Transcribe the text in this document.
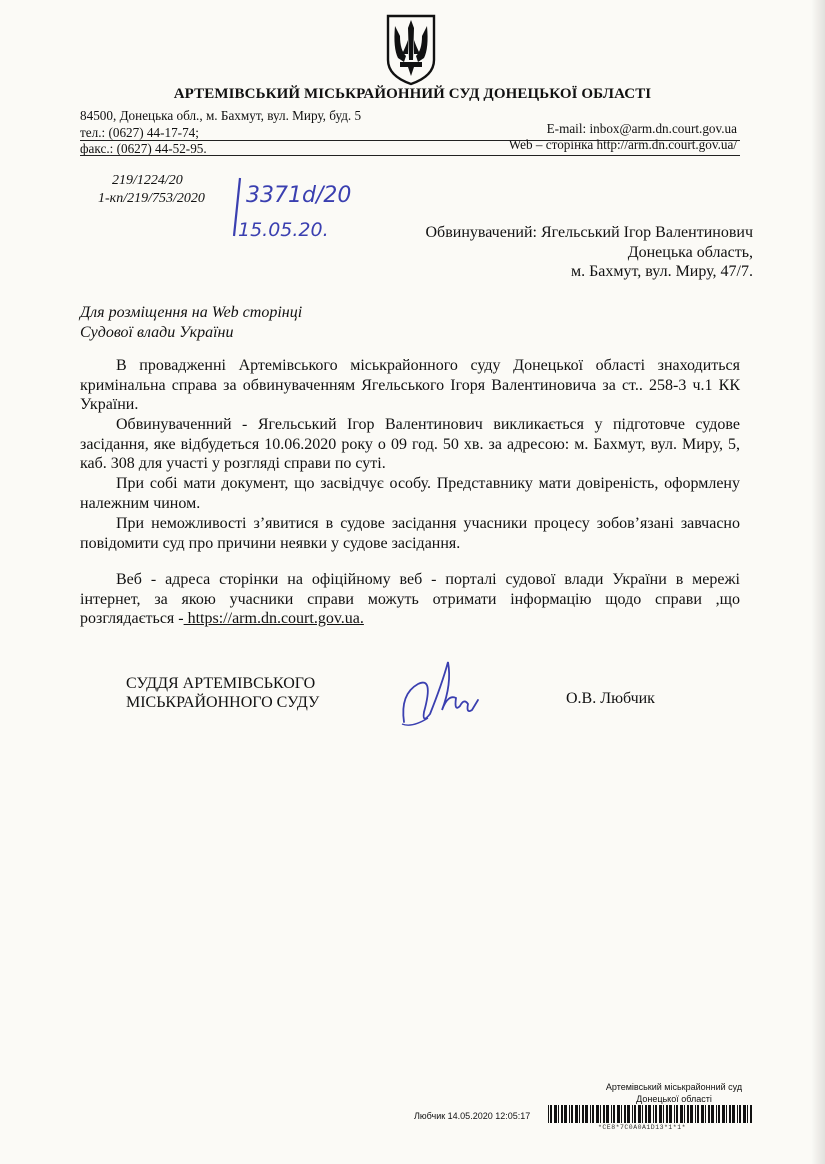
АРТЕМІВСЬКИЙ МІСЬКРАЙОННИЙ СУД ДОНЕЦЬКОЇ ОБЛАСТІ
84500, Донецька обл., м. Бахмут, вул. Миру, буд. 5
тел.: (0627) 44-17-74;
факс.: (0627) 44-52-95.
E-mail: inbox@arm.dn.court.gov.ua
Web – сторінка http://arm.dn.court.gov.ua/
219/1224/20
1-кп/219/753/2020 3371d/20
15.05.20.	Обвинувачений: Ягельський Ігор Валентинович
Донецька область,
м. Бахмут, вул. Миру, 47/7.
Для розміщення на Web сторінці
Судової влади України

В провадженні Артемівського міськрайонного суду Донецької області знаходиться кримінальна справа за обвинуваченням Ягельського Ігоря Валентиновича за ст.. 258-3 ч.1 КК України.

Обвинуваченний - Ягельський Ігор Валентинович викликається у підготовче судове засідання, яке відбудеться 10.06.2020 року о 09 год. 50 хв. за адресою: м. Бахмут, вул. Миру, 5, каб. 308 для участі у розгляді справи по суті.

При собі мати документ, що засвідчує особу. Представнику мати довіреність, оформлену належним чином.

При неможливості з’явитися в судове засідання учасники процесу зобов’язані завчасно повідомити суд про причини неявки у судове засідання.

Веб - адреса сторінки на офіційному веб - порталі судової влади України в мережі інтернет, за якою учасники справи можуть отримати інформацію щодо справи ,що розглядається - https://arm.dn.court.gov.ua.

СУДДЯ АРТЕМІВСЬКОГО
МІСЬКРАЙОННОГО СУДУ	О.В. Любчик
Артемівський міськрайонний суд
Донецької області
Любчик 14.05.2020 12:05:17
*CE8*7C0A0A1D13*1*1*
